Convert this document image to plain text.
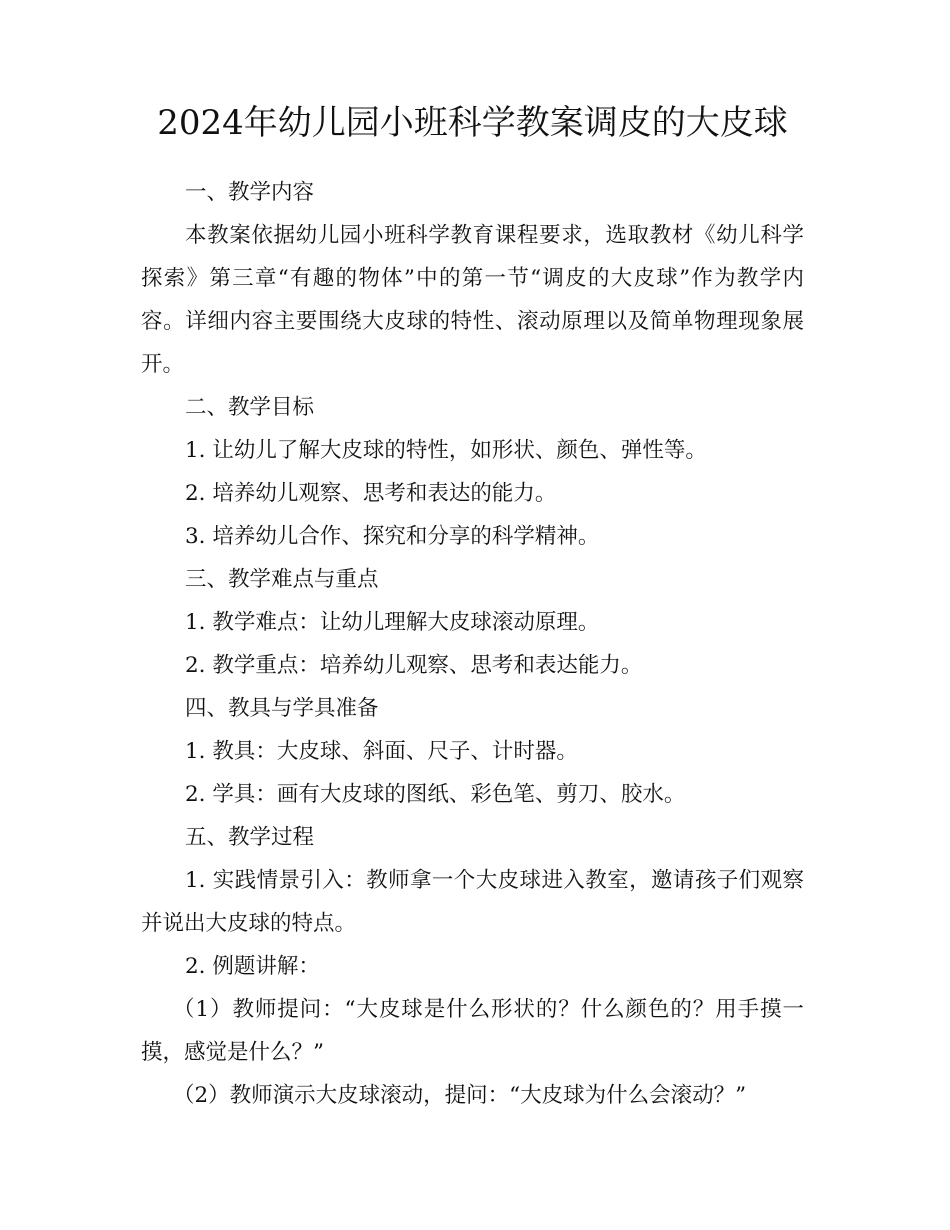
2024年幼儿园小班科学教案调皮的大皮球

一、教学内容

本教案依据幼儿园小班科学教育课程要求，选取教材《幼儿科学探索》第三章“有趣的物体”中的第一节“调皮的大皮球”作为教学内容。详细内容主要围绕大皮球的特性、滚动原理以及简单物理现象展开。

二、教学目标

1. 让幼儿了解大皮球的特性，如形状、颜色、弹性等。

2. 培养幼儿观察、思考和表达的能力。

3. 培养幼儿合作、探究和分享的科学精神。

三、教学难点与重点

1. 教学难点：让幼儿理解大皮球滚动原理。

2. 教学重点：培养幼儿观察、思考和表达能力。

四、教具与学具准备

1. 教具：大皮球、斜面、尺子、计时器。

2. 学具：画有大皮球的图纸、彩色笔、剪刀、胶水。

五、教学过程

1. 实践情景引入：教师拿一个大皮球进入教室，邀请孩子们观察并说出大皮球的特点。

2. 例题讲解：

（1）教师提问：“大皮球是什么形状的？什么颜色的？用手摸一摸，感觉是什么？”

（2）教师演示大皮球滚动，提问：“大皮球为什么会滚动？”
